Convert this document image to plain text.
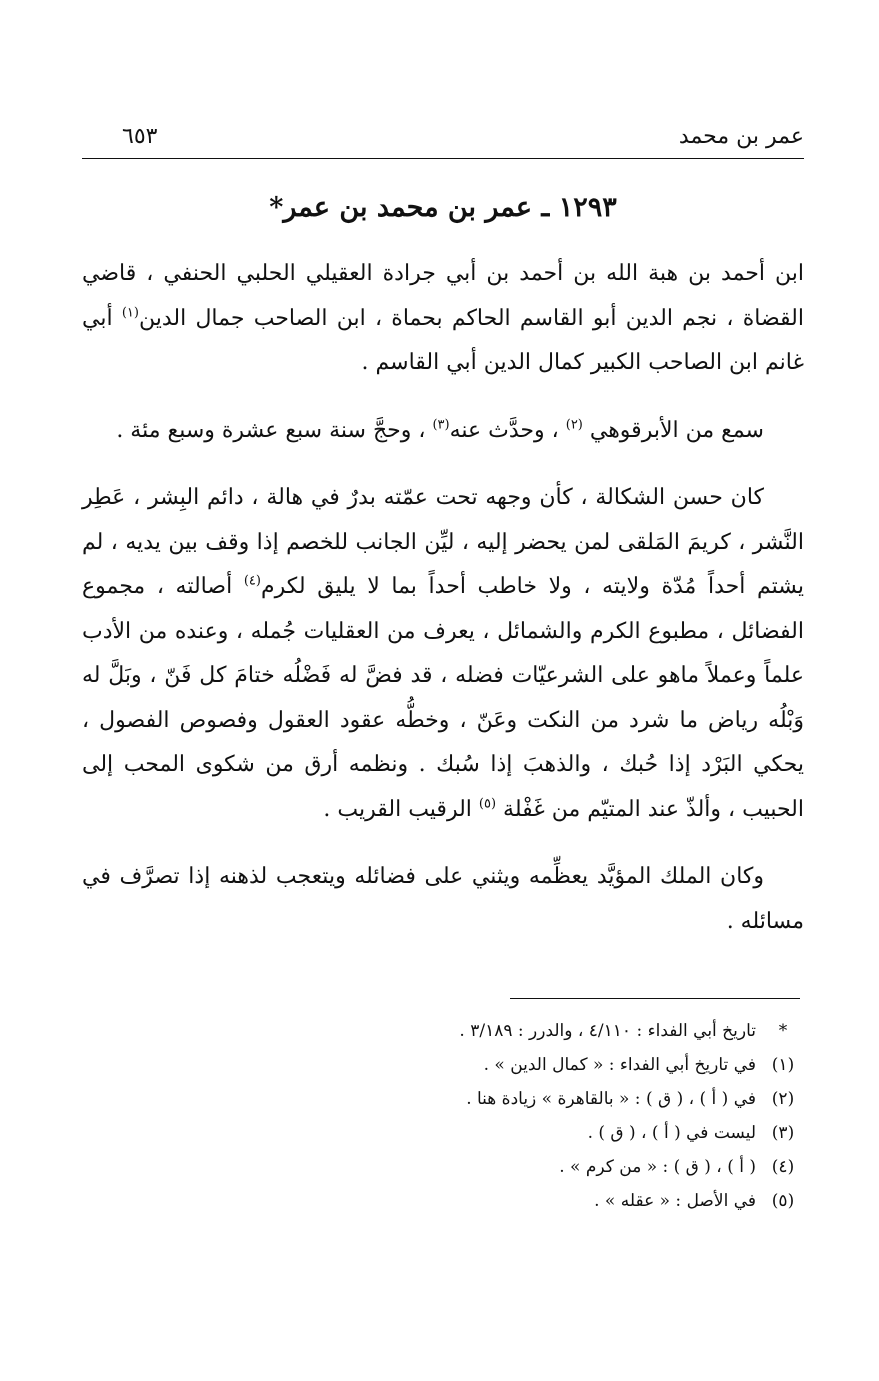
عمر بن محمد
٦٥٣
١٢٩٣ ـ عمر بن محمد بن عمر*

ابن أحمد بن هبة الله بن أحمد بن أبي جرادة العقيلي الحلبي الحنفي ، قاضي القضاة ، نجم الدين أبو القاسم الحاكم بحماة ، ابن الصاحب جمال الدين$^{(١)}$ أبي غانم ابن الصاحب الكبير كمال الدين أبي القاسم .

سمع من الأبرقوهي $^{(٢)}$ ، وحدَّث عنه$^{(٣)}$ ، وحجَّ سنة سبع عشرة وسبع مئة .

كان حسن الشكالة ، كأن وجهه تحت عمّته بدرٌ في هالة ، دائم البِشر ، عَطِر النَّشر ، كريمَ المَلقى لمن يحضر إليه ، ليِّن الجانب للخصم إذا وقف بين يديه ، لم يشتم أحداً مُدّة ولايته ، ولا خاطب أحداً بما لا يليق لكرم$^{(٤)}$ أصالته ، مجموع الفضائل ، مطبوع الكرم والشمائل ، يعرف من العقليات جُمله ، وعنده من الأدب علماً وعملاً ماهو على الشرعيّات فضله ، قد فضَّ له فَضْلُه ختامَ كل فَنّ ، وبَلَّ له وَبْلُه رياض ما شرد من النكت وعَنّ ، وخطُّه عقود العقول وفصوص الفصول ، يحكي البَرْد إذا حُبك ، والذهبَ إذا سُبك . ونظمه أرق من شكوى المحب إلى الحبيب ، وألذّ عند المتيّم من غَفْلة $^{(٥)}$ الرقيب القريب .

وكان الملك المؤيَّد يعظِّمه ويثني على فضائله ويتعجب لذهنه إذا تصرَّف في مسائله .

*تاريخ أبي الفداء : ٤/١١٠ ، والدرر : ٣/١٨٩ .
(١)في تاريخ أبي الفداء : « كمال الدين » .
(٢)في ( أ ) ، ( ق ) : « بالقاهرة » زيادة هنا .
(٣)ليست في ( أ ) ، ( ق ) .
(٤)( أ ) ، ( ق ) : « من كرم » .
(٥)في الأصل : « عقله » .
